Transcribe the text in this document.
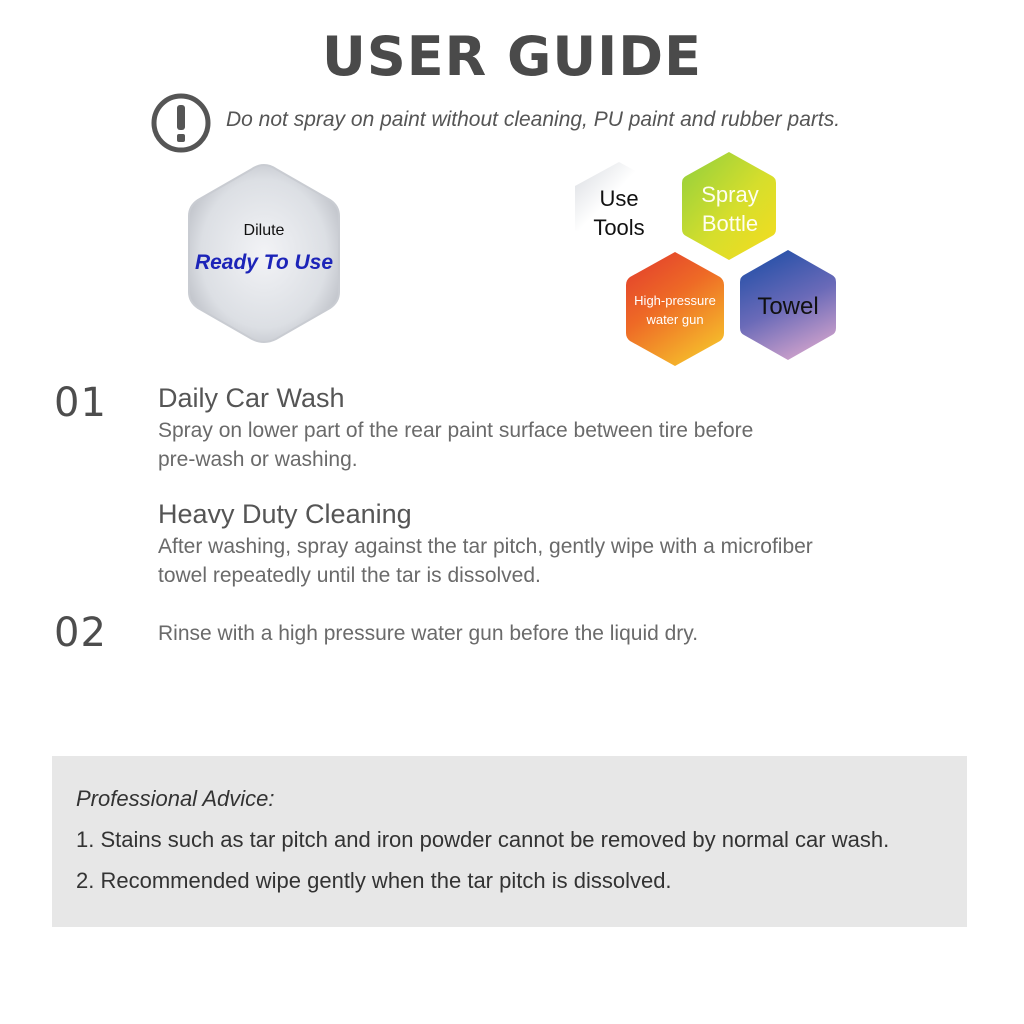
USER GUIDE
Do not spray on paint without cleaning, PU paint and rubber parts.
Dilute
Ready To Use
Use
Tools
Spray
Bottle
High-pressure
water gun	Towel
01 Daily Car Wash
Spray on lower part of the rear paint surface between tire before
pre-wash or washing.
Heavy Duty Cleaning
After washing, spray against the tar pitch, gently wipe with a microfiber
towel repeatedly until the tar is dissolved.
02 Rinse with a high pressure water gun before the liquid dry.
Professional Advice:
1. Stains such as tar pitch and iron powder cannot be removed by normal car wash.
2. Recommended wipe gently when the tar pitch is dissolved.
